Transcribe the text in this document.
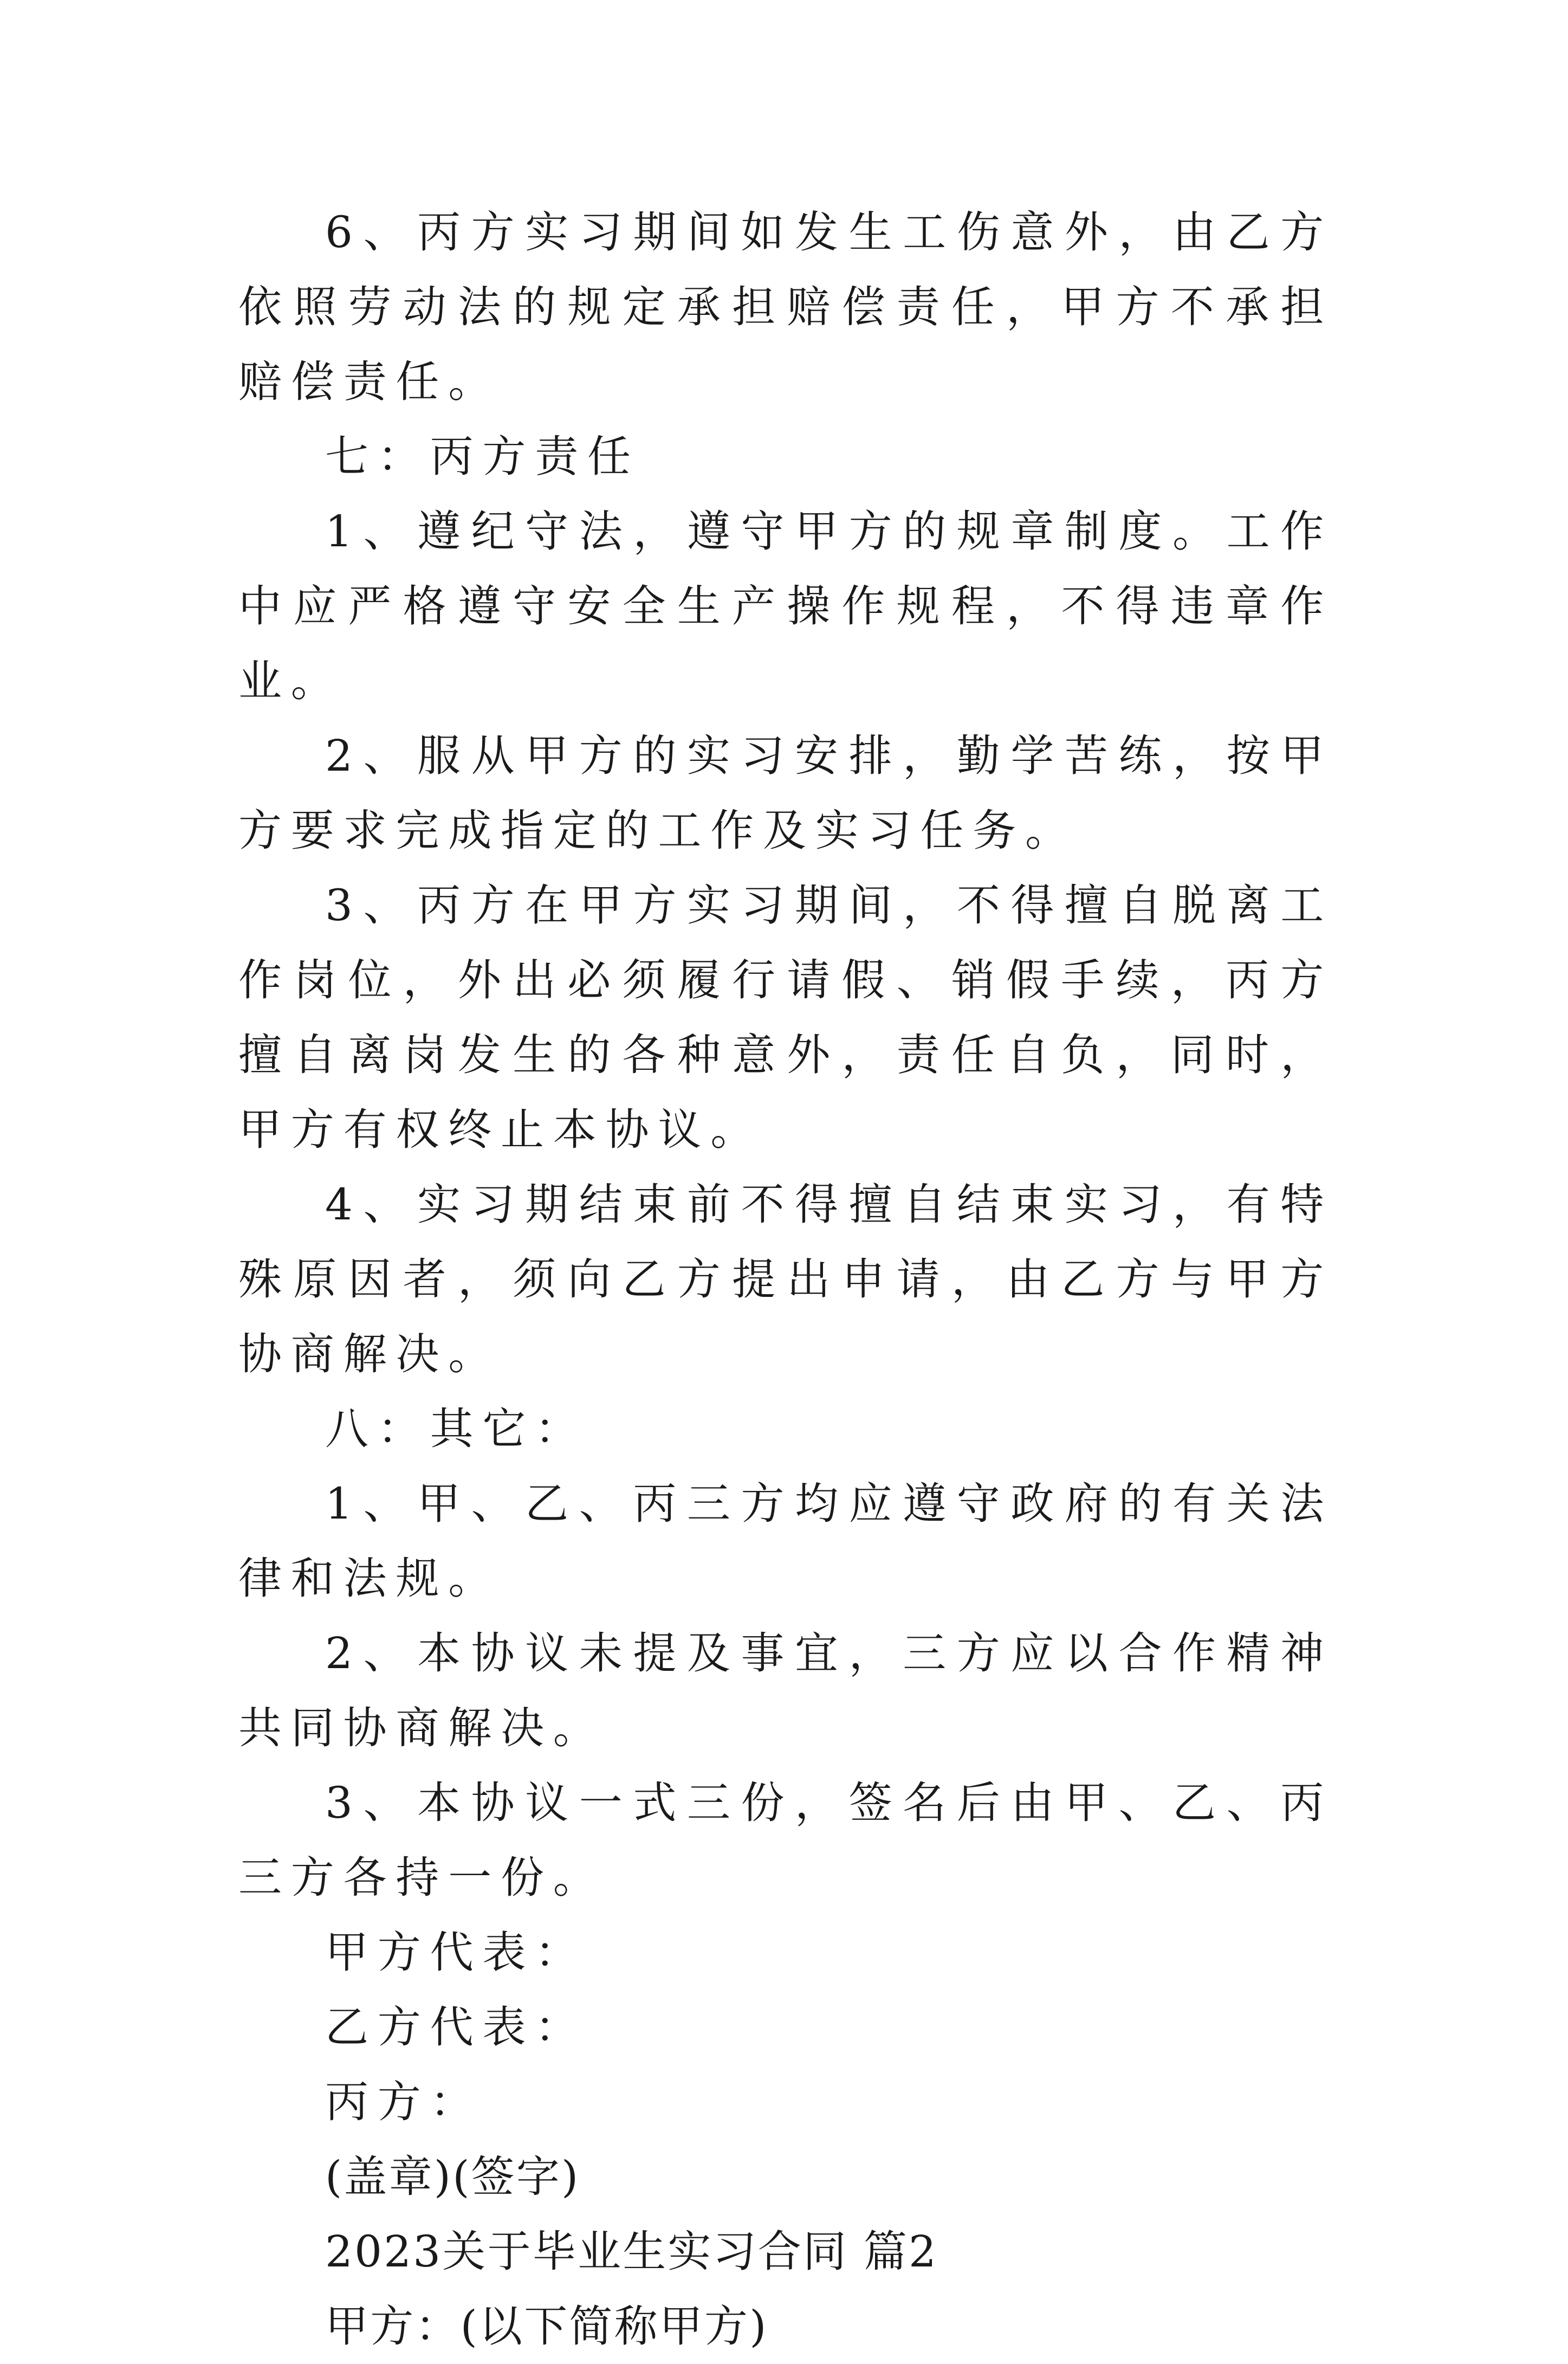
6、丙方实习期间如发生工伤意外，由乙方依照劳动法的规定承担赔偿责任，甲方不承担赔偿责任。

七：丙方责任

1、遵纪守法，遵守甲方的规章制度。工作中应严格遵守安全生产操作规程，不得违章作业。

2、服从甲方的实习安排，勤学苦练，按甲方要求完成指定的工作及实习任务。

3、丙方在甲方实习期间，不得擅自脱离工作岗位，外出必须履行请假、销假手续，丙方擅自离岗发生的各种意外，责任自负，同时，甲方有权终止本协议。

4、实习期结束前不得擅自结束实习，有特殊原因者，须向乙方提出申请，由乙方与甲方协商解决。

八：其它：

1、甲、乙、丙三方均应遵守政府的有关法律和法规。

2、本协议未提及事宜，三方应以合作精神共同协商解决。

3、本协议一式三份，签名后由甲、乙、丙三方各持一份。

甲方代表：

乙方代表：

丙方：

(盖章)(签字)

2023关于毕业生实习合同 篇2

甲方：(以下简称甲方)
